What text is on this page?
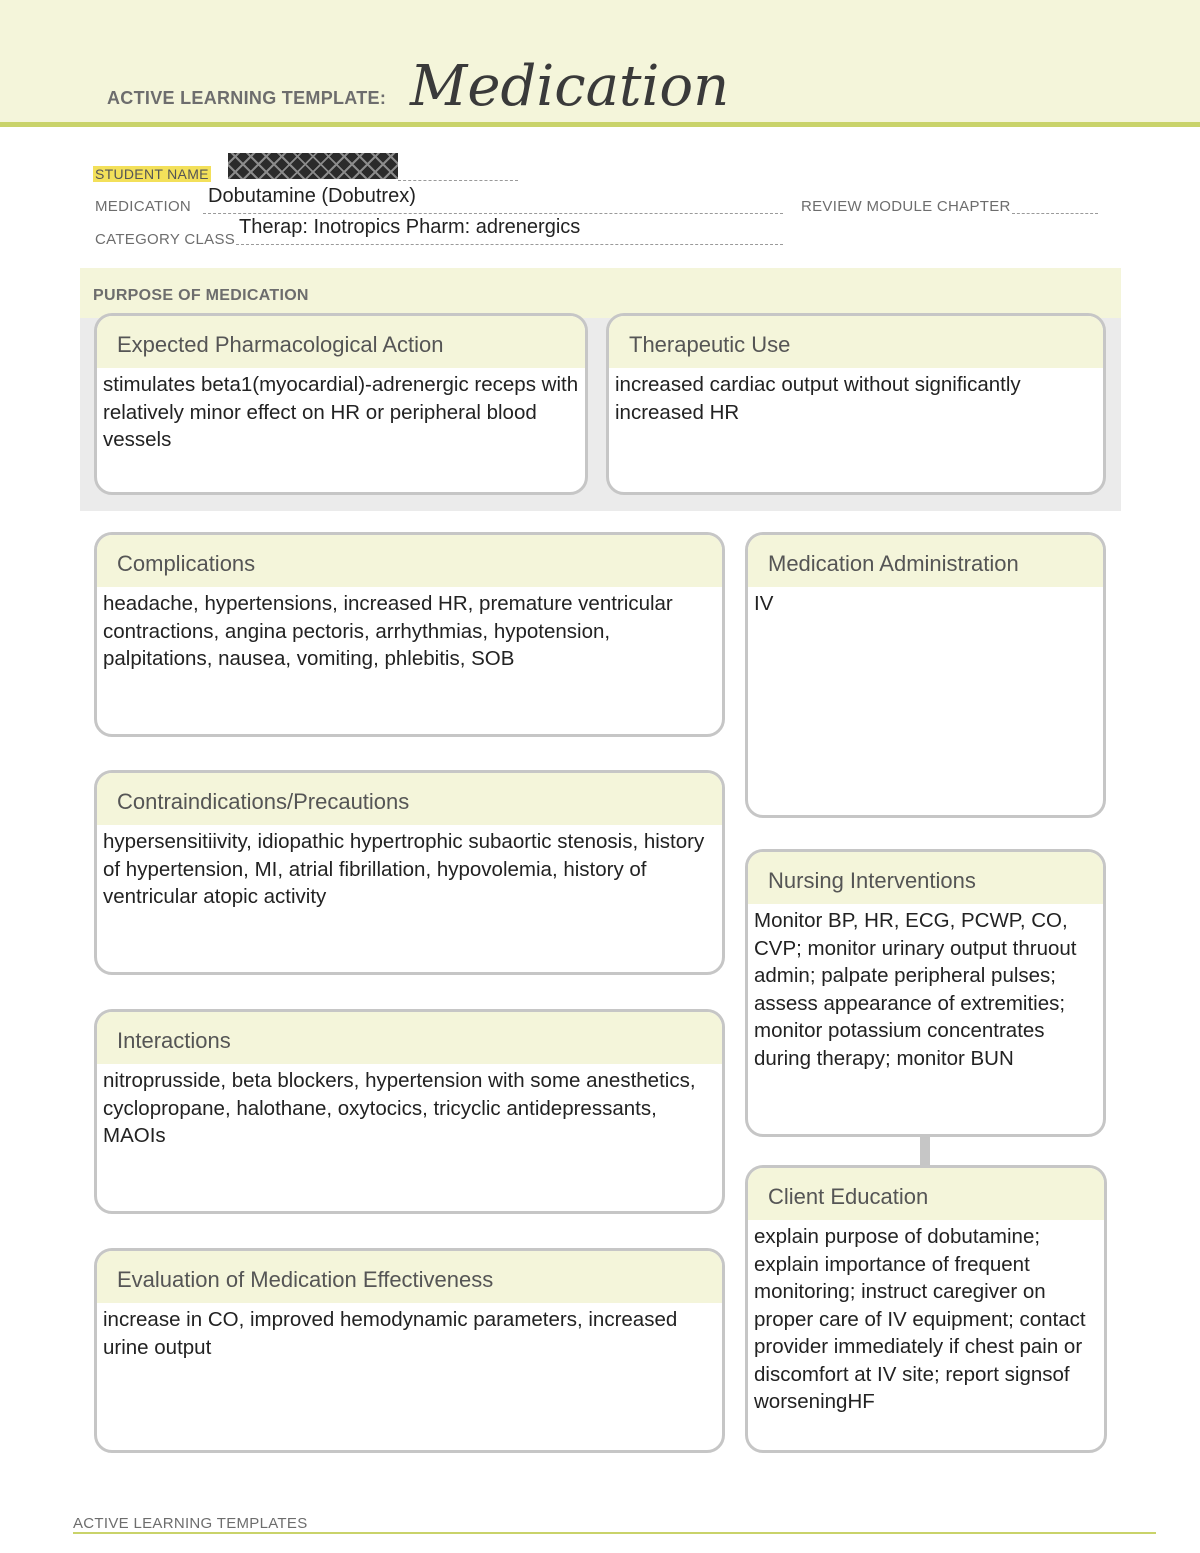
ACTIVE LEARNING TEMPLATE: Medication
STUDENT NAME
MEDICATION Dobutamine (Dobutrex)	REVIEW MODULE CHAPTER
CATEGORY CLASS
Therap: Inotropics Pharm: adrenergics
PURPOSE OF MEDICATION
Expected Pharmacological Action
stimulates beta1(myocardial)-adrenergic receps with relatively minor effect on HR or peripheral blood vessels
Therapeutic Use
increased cardiac output without significantly increased HR
Complications
headache, hypertensions, increased HR, premature ventricular contractions, angina pectoris, arrhythmias, hypotension, palpitations, nausea, vomiting, phlebitis, SOB
Contraindications/Precautions
hypersensitiivity, idiopathic hypertrophic subaortic stenosis, history of hypertension, MI, atrial fibrillation, hypovolemia, history of ventricular atopic activity
Interactions
nitroprusside, beta blockers, hypertension with some anesthetics, cyclopropane, halothane, oxytocics, tricyclic antidepressants, MAOIs
Evaluation of Medication Effectiveness
increase in CO, improved hemodynamic parameters, increased urine output
Medication Administration
IV
Nursing Interventions
Monitor BP, HR, ECG, PCWP, CO, CVP; monitor urinary output thruout admin; palpate peripheral pulses; assess appearance of extremities; monitor potassium concentrates during therapy; monitor BUN
Client Education
explain purpose of dobutamine; explain importance of frequent monitoring; instruct caregiver on proper care of IV equipment; contact provider immediately if chest pain or discomfort at IV site; report signsof worseningHF
ACTIVE LEARNING TEMPLATES
